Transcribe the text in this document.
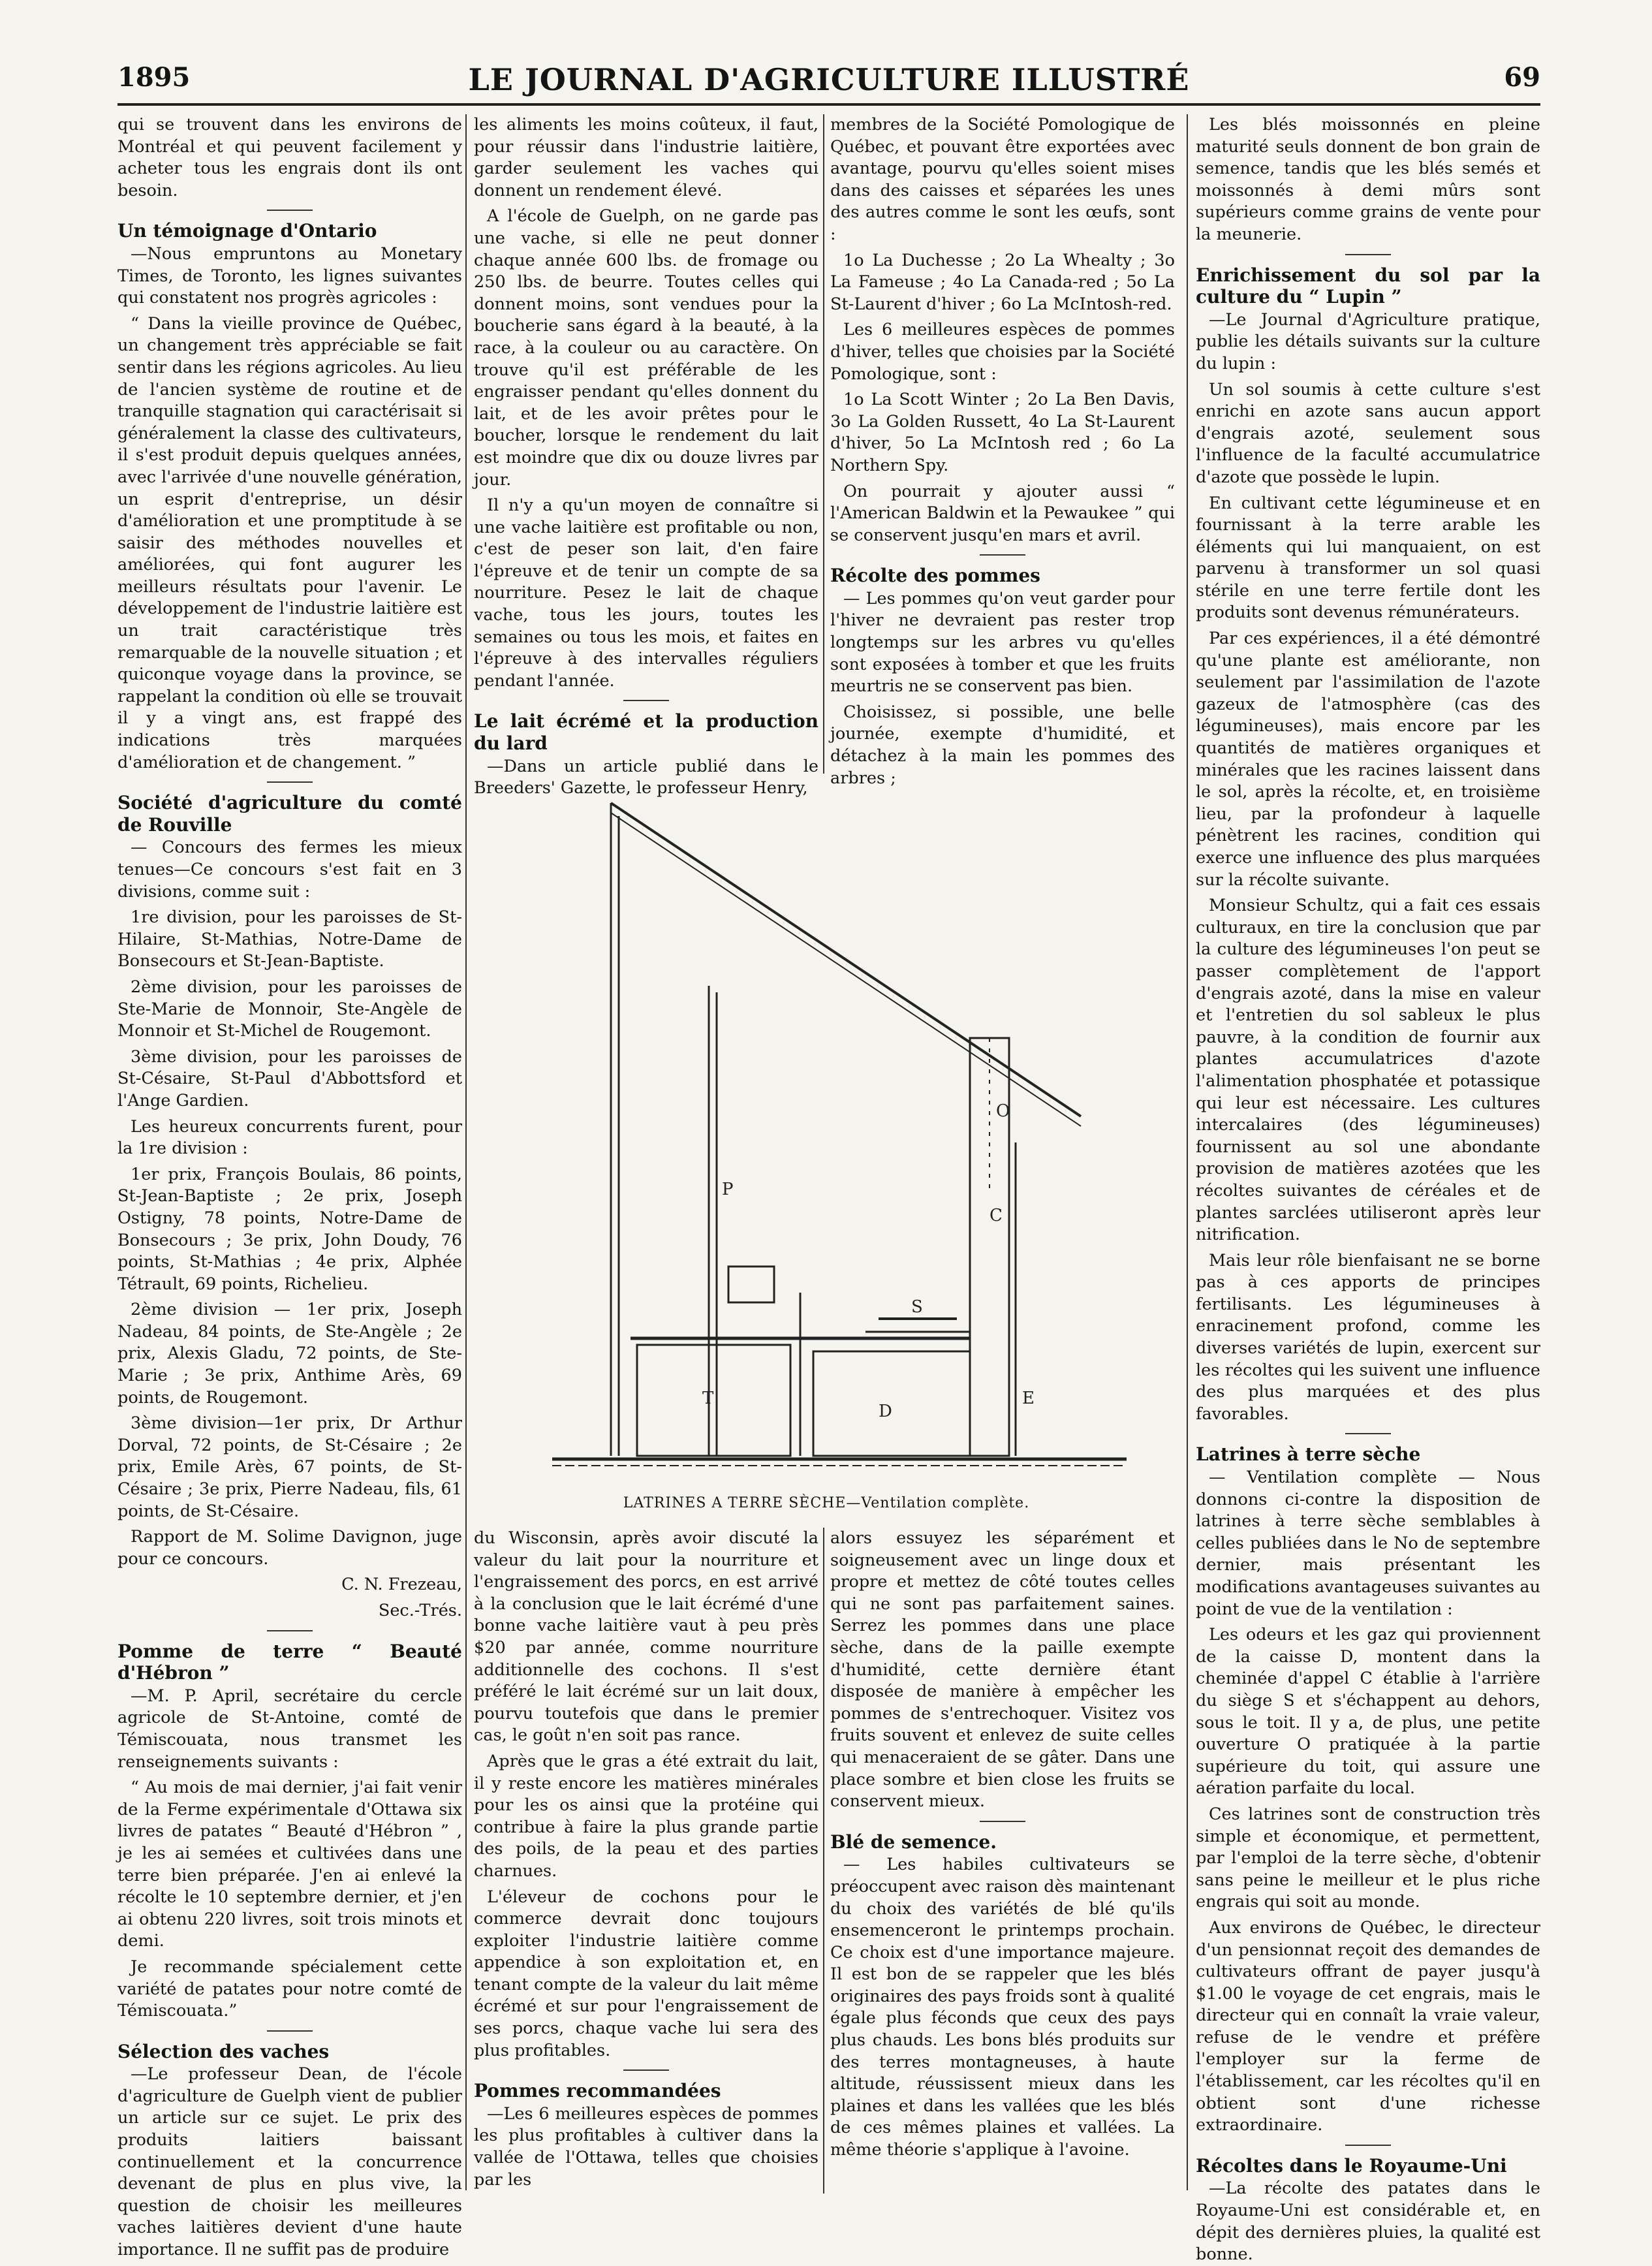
LE JOURNAL D'AGRICULTURE ILLUSTRÉ
1895	69

qui se trouvent dans les environs de Montréal et qui peuvent facilement y acheter tous les engrais dont ils ont besoin.

Un témoignage d'Ontario

—Nous empruntons au Monetary Times, de Toronto, les lignes suivantes qui constatent nos progrès agricoles :

“ Dans la vieille province de Québec, un changement très appréciable se fait sentir dans les régions agricoles. Au lieu de l'ancien système de routine et de tranquille stagnation qui caractérisait si généralement la classe des cultivateurs, il s'est produit depuis quelques années, avec l'arrivée d'une nouvelle génération, un esprit d'entreprise, un désir d'amélioration et une promptitude à se saisir des méthodes nouvelles et améliorées, qui font augurer les meilleurs résultats pour l'avenir. Le développement de l'industrie laitière est un trait caractéristique très remarquable de la nouvelle situation ; et quiconque voyage dans la province, se rappelant la condition où elle se trouvait il y a vingt ans, est frappé des indications très marquées d'amélioration et de changement. ”

Société d'agriculture du comté de Rouville

— Concours des fermes les mieux tenues—Ce concours s'est fait en 3 divisions, comme suit :

1re division, pour les paroisses de St-Hilaire, St-Mathias, Notre-Dame de Bonsecours et St-Jean-Baptiste.

2ème division, pour les paroisses de Ste-Marie de Monnoir, Ste-Angèle de Monnoir et St-Michel de Rougemont.

3ème division, pour les paroisses de St-Césaire, St-Paul d'Abbottsford et l'Ange Gardien.

Les heureux concurrents furent, pour la 1re division :

1er prix, François Boulais, 86 points, St-Jean-Baptiste ; 2e prix, Joseph Ostigny, 78 points, Notre-Dame de Bonsecours ; 3e prix, John Doudy, 76 points, St-Mathias ; 4e prix, Alphée Tétrault, 69 points, Richelieu.

2ème division — 1er prix, Joseph Nadeau, 84 points, de Ste-Angèle ; 2e prix, Alexis Gladu, 72 points, de Ste-Marie ; 3e prix, Anthime Arès, 69 points, de Rougemont.

3ème division—1er prix, Dr Arthur Dorval, 72 points, de St-Césaire ; 2e prix, Emile Arès, 67 points, de St-Césaire ; 3e prix, Pierre Nadeau, fils, 61 points, de St-Césaire.

Rapport de M. Solime Davignon, juge pour ce concours.

C. N. Frezeau,

Sec.-Trés.

Pomme de terre “ Beauté d'Hébron ”

—M. P. April, secrétaire du cercle agricole de St-Antoine, comté de Témiscouata, nous transmet les renseignements suivants :

“ Au mois de mai dernier, j'ai fait venir de la Ferme expérimentale d'Ottawa six livres de patates “ Beauté d'Hébron ” , je les ai semées et cultivées dans une terre bien préparée. J'en ai enlevé la récolte le 10 septembre dernier, et j'en ai obtenu 220 livres, soit trois minots et demi.

Je recommande spécialement cette variété de patates pour notre comté de Témiscouata.”

Sélection des vaches

—Le professeur Dean, de l'école d'agriculture de Guelph vient de publier un article sur ce sujet. Le prix des produits laitiers baissant continuellement et la concurrence devenant de plus en plus vive, la question de choisir les meilleures vaches laitières devient d'une haute importance. Il ne suffit pas de produire

les aliments les moins coûteux, il faut, pour réussir dans l'industrie laitière, garder seulement les vaches qui donnent un rendement élevé.

A l'école de Guelph, on ne garde pas une vache, si elle ne peut donner chaque année 600 lbs. de fromage ou 250 lbs. de beurre. Toutes celles qui donnent moins, sont vendues pour la boucherie sans égard à la beauté, à la race, à la couleur ou au caractère. On trouve qu'il est préférable de les engraisser pendant qu'elles donnent du lait, et de les avoir prêtes pour le boucher, lorsque le rendement du lait est moindre que dix ou douze livres par jour.

Il n'y a qu'un moyen de connaître si une vache laitière est profitable ou non, c'est de peser son lait, d'en faire l'épreuve et de tenir un compte de sa nourriture. Pesez le lait de chaque vache, tous les jours, toutes les semaines ou tous les mois, et faites en l'épreuve à des intervalles réguliers pendant l'année.

Le lait écrémé et la production du lard

—Dans un article publié dans le Breeders' Gazette, le professeur Henry,

membres de la Société Pomologique de Québec, et pouvant être exportées avec avantage, pourvu qu'elles soient mises dans des caisses et séparées les unes des autres comme le sont les œufs, sont :

1o La Duchesse ; 2o La Whealty ; 3o La Fameuse ; 4o La Canada-red ; 5o La St-Laurent d'hiver ; 6o La McIntosh-red.

Les 6 meilleures espèces de pommes d'hiver, telles que choisies par la Société Pomologique, sont :

1o La Scott Winter ; 2o La Ben Davis, 3o La Golden Russett, 4o La St-Laurent d'hiver, 5o La McIntosh red ; 6o La Northern Spy.

On pourrait y ajouter aussi “ l'American Baldwin et la Pewaukee ” qui se conservent jusqu'en mars et avril.

Récolte des pommes

— Les pommes qu'on veut garder pour l'hiver ne devraient pas rester trop longtemps sur les arbres vu qu'elles sont exposées à tomber et que les fruits meurtris ne se conservent pas bien.

Choisissez, si possible, une belle journée, exempte d'humidité, et détachez à la main les pommes des arbres ;

O
C
P
S
T
D
E
LATRINES A TERRE SÈCHE—Ventilation complète.

du Wisconsin, après avoir discuté la valeur du lait pour la nourriture et l'engraissement des porcs, en est arrivé à la conclusion que le lait écrémé d'une bonne vache laitière vaut à peu près $20 par année, comme nourriture additionnelle des cochons. Il s'est préféré le lait écrémé sur un lait doux, pourvu toutefois que dans le premier cas, le goût n'en soit pas rance.

Après que le gras a été extrait du lait, il y reste encore les matières minérales pour les os ainsi que la protéine qui contribue à faire la plus grande partie des poils, de la peau et des parties charnues.

L'éleveur de cochons pour le commerce devrait donc toujours exploiter l'industrie laitière comme appendice à son exploitation et, en tenant compte de la valeur du lait même écrémé et sur pour l'engraissement de ses porcs, chaque vache lui sera des plus profitables.

Pommes recommandées

—Les 6 meilleures espèces de pommes les plus profitables à cultiver dans la vallée de l'Ottawa, telles que choisies par les

alors essuyez les séparément et soigneusement avec un linge doux et propre et mettez de côté toutes celles qui ne sont pas parfaitement saines. Serrez les pommes dans une place sèche, dans de la paille exempte d'humidité, cette dernière étant disposée de manière à empêcher les pommes de s'entrechoquer. Visitez vos fruits souvent et enlevez de suite celles qui menaceraient de se gâter. Dans une place sombre et bien close les fruits se conservent mieux.

Blé de semence.

— Les habiles cultivateurs se préoccupent avec raison dès maintenant du choix des variétés de blé qu'ils ensemenceront le printemps prochain. Ce choix est d'une importance majeure. Il est bon de se rappeler que les blés originaires des pays froids sont à qualité égale plus féconds que ceux des pays plus chauds. Les bons blés produits sur des terres montagneuses, à haute altitude, réussissent mieux dans les plaines et dans les vallées que les blés de ces mêmes plaines et vallées. La même théorie s'applique à l'avoine.

Les blés moissonnés en pleine maturité seuls donnent de bon grain de semence, tandis que les blés semés et moissonnés à demi mûrs sont supérieurs comme grains de vente pour la meunerie.

Enrichissement du sol par la culture du “ Lupin ”

—Le Journal d'Agriculture pratique, publie les détails suivants sur la culture du lupin :

Un sol soumis à cette culture s'est enrichi en azote sans aucun apport d'engrais azoté, seulement sous l'influence de la faculté accumulatrice d'azote que possède le lupin.

En cultivant cette légumineuse et en fournissant à la terre arable les éléments qui lui manquaient, on est parvenu à transformer un sol quasi stérile en une terre fertile dont les produits sont devenus rémunérateurs.

Par ces expériences, il a été démontré qu'une plante est améliorante, non seulement par l'assimilation de l'azote gazeux de l'atmosphère (cas des légumineuses), mais encore par les quantités de matières organiques et minérales que les racines laissent dans le sol, après la récolte, et, en troisième lieu, par la profondeur à laquelle pénètrent les racines, condition qui exerce une influence des plus marquées sur la récolte suivante.

Monsieur Schultz, qui a fait ces essais culturaux, en tire la conclusion que par la culture des légumineuses l'on peut se passer complètement de l'apport d'engrais azoté, dans la mise en valeur et l'entretien du sol sableux le plus pauvre, à la condition de fournir aux plantes accumulatrices d'azote l'alimentation phosphatée et potassique qui leur est nécessaire. Les cultures intercalaires (des légumineuses) fournissent au sol une abondante provision de matières azotées que les récoltes suivantes de céréales et de plantes sarclées utiliseront après leur nitrification.

Mais leur rôle bienfaisant ne se borne pas à ces apports de principes fertilisants. Les légumineuses à enracinement profond, comme les diverses variétés de lupin, exercent sur les récoltes qui les suivent une influence des plus marquées et des plus favorables.

Latrines à terre sèche

— Ventilation complète — Nous donnons ci-contre la disposition de latrines à terre sèche semblables à celles publiées dans le No de septembre dernier, mais présentant les modifications avantageuses suivantes au point de vue de la ventilation :

Les odeurs et les gaz qui proviennent de la caisse D, montent dans la cheminée d'appel C établie à l'arrière du siège S et s'échappent au dehors, sous le toit. Il y a, de plus, une petite ouverture O pratiquée à la partie supérieure du toit, qui assure une aération parfaite du local.

Ces latrines sont de construction très simple et économique, et permettent, par l'emploi de la terre sèche, d'obtenir sans peine le meilleur et le plus riche engrais qui soit au monde.

Aux environs de Québec, le directeur d'un pensionnat reçoit des demandes de cultivateurs offrant de payer jusqu'à $1.00 le voyage de cet engrais, mais le directeur qui en connaît la vraie valeur, refuse de le vendre et préfère l'employer sur la ferme de l'établissement, car les récoltes qu'il en obtient sont d'une richesse extraordinaire.

Récoltes dans le Royaume-Uni

—La récolte des patates dans le Royaume-Uni est considérable et, en dépit des dernières pluies, la qualité est bonne.
